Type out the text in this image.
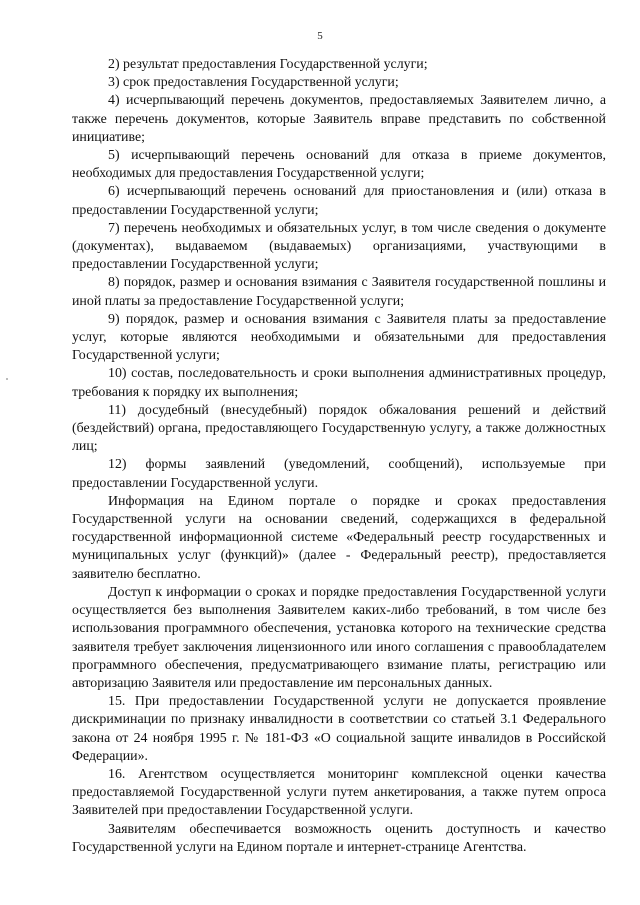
5

2) результат предоставления Государственной услуги;

3) срок предоставления Государственной услуги;

4) исчерпывающий перечень документов, предоставляемых Заявителем лично, а также перечень документов, которые Заявитель вправе представить по собственной инициативе;

5) исчерпывающий перечень оснований для отказа в приеме документов, необходимых для предоставления Государственной услуги;

6) исчерпывающий перечень оснований для приостановления и (или) отказа в предоставлении Государственной услуги;

7) перечень необходимых и обязательных услуг, в том числе сведения о документе (документах), выдаваемом (выдаваемых) организациями, участвующими в предоставлении Государственной услуги;

8) порядок, размер и основания взимания с Заявителя государственной пошлины и иной платы за предоставление Государственной услуги;

9) порядок, размер и основания взимания с Заявителя платы за предоставление услуг, которые являются необходимыми и обязательными для предоставления Государственной услуги;

10) состав, последовательность и сроки выполнения административных процедур, требования к порядку их выполнения;

11) досудебный (внесудебный) порядок обжалования решений и действий (бездействий) органа, предоставляющего Государственную услугу, а также должностных лиц;

12) формы заявлений (уведомлений, сообщений), используемые при предоставлении Государственной услуги.

Информация на Едином портале о порядке и сроках предоставления Государственной услуги на основании сведений, содержащихся в федеральной государственной информационной системе «Федеральный реестр государственных и муниципальных услуг (функций)» (далее - Федеральный реестр), предоставляется заявителю бесплатно.

Доступ к информации о сроках и порядке предоставления Государственной услуги осуществляется без выполнения Заявителем каких-либо требований, в том числе без использования программного обеспечения, установка которого на технические средства заявителя требует заключения лицензионного или иного соглашения с правообладателем программного обеспечения, предусматривающего взимание платы, регистрацию или авторизацию Заявителя или предоставление им персональных данных.

15. При предоставлении Государственной услуги не допускается проявление дискриминации по признаку инвалидности в соответствии со статьей 3.1 Федерального закона от 24 ноября 1995 г. № 181-ФЗ «О социальной защите инвалидов в Российской Федерации».

16. Агентством осуществляется мониторинг комплексной оценки качества предоставляемой Государственной услуги путем анкетирования, а также путем опроса Заявителей при предоставлении Государственной услуги.

Заявителям обеспечивается возможность оценить доступность и качество Государственной услуги на Едином портале и интернет-странице Агентства.
